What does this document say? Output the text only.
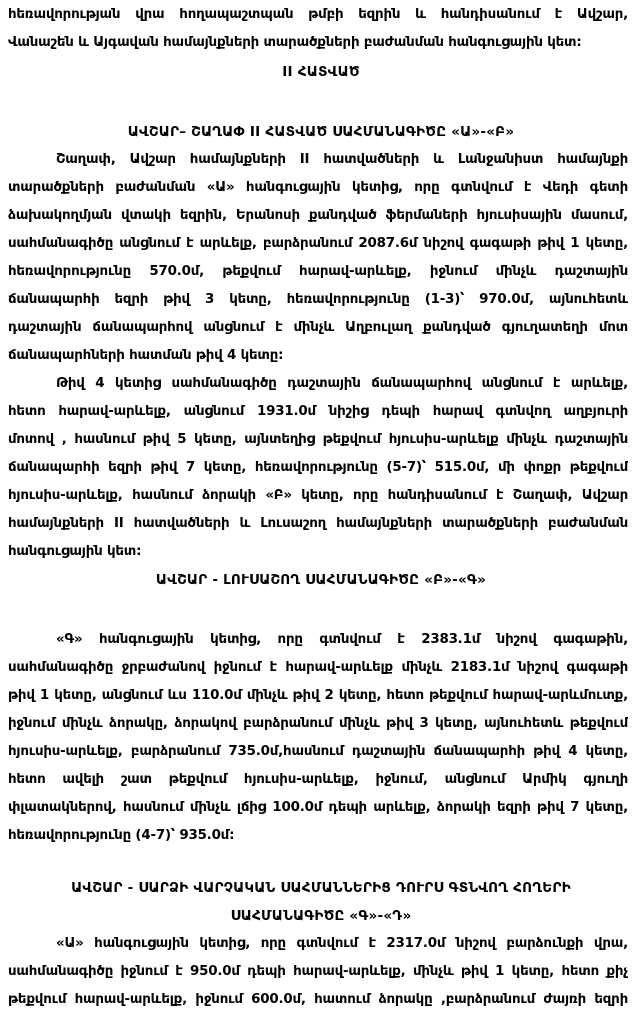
հեռավորության վրա հողապաշտպան թմբի եզրին և հանդիսանում է Ավշար,
Վանաշեն և Այգավան համայնքների տարածքների բաժանման հանգուցային կետ:
II ՀԱՏՎԱԾ
ԱՎՇԱՐ– ՇԱՂԱՓ II ՀԱՏՎԱԾ ՍԱՀՄԱՆԱԳԻԾԸ «Ա»-«Բ»
Շաղափ, Ավշար համայնքների II հատվածների և Լանջանիստ համայնքի
տարածքների բաժանման «Ա» հանգուցային կետից, որը գտնվում է Վեդի գետի
ձախակողմյան վտակի եզրին, Երանոսի քանդված ֆերմաների հյուսիսային մասում,
սահմանագիծը անցնում է արևելք, բարձրանում 2087.6մ նիշով գագաթի թիվ 1 կետը,
հեռավորությունը 570.0մ, թեքվում հարավ-արևելք, իջնում մինչև դաշտային
ճանապարհի եզրի թիվ 3 կետը, հեռավորությունը (1-3)՝ 970.0մ, այնուհետև
դաշտային ճանապարհով անցնում է մինչև Աղբուլաղ քանդված գյուղատեղի մոտ
ճանապարհների հատման թիվ 4 կետը:
Թիվ 4 կետից սահմանագիծը դաշտային ճանապարհով անցնում է արևելք,
հետո հարավ-արևելք, անցնում 1931.0մ նիշից դեպի հարավ գտնվող աղբյուրի
մոտով , հասնում թիվ 5 կետը, այնտեղից թեքվում հյուսիս-արևելք մինչև դաշտային
ճանապարհի եզրի թիվ 7 կետը, հեռավորությունը (5-7)՝ 515.0մ, մի փոքր թեքվում
հյուսիս-արևելք, հասնում ձորակի «Բ» կետը, որը հանդիսանում է Շաղափ, Ավշար
համայնքների II հատվածների և Լուսաշող համայնքների տարածքների բաժանման
հանգուցային կետ:
ԱՎՇԱՐ - ԼՈՒՍԱՇՈՂ ՍԱՀՄԱՆԱԳԻԾԸ «Բ»-«Գ»
«Գ» հանգուցային կետից, որը գտնվում է 2383.1մ նիշով գագաթին,
սահմանագիծը ջրբաժանով իջնում է հարավ-արևելք մինչև 2183.1մ նիշով գագաթի
թիվ 1 կետը, անցնում ևս 110.0մ մինչև թիվ 2 կետը, հետո թեքվում հարավ-արևմուտք,
իջնում մինչև ձորակը, ձորակով բարձրանում մինչև թիվ 3 կետը, այնուհետև թեքվում
հյուսիս-արևելք, բարձրանում 735.0մ,հասնում դաշտային ճանապարհի թիվ 4 կետը,
հետո ավելի շատ թեքվում հյուսիս-արևելք, իջնում, անցնում Արմիկ գյուղի
փլատակներով, հասնում մինչև լճից 100.0մ դեպի արևելք, ձորակի եզրի թիվ 7 կետը,
հեռավորությունը (4-7)՝ 935.0մ:
ԱՎՇԱՐ - ՍԱՐՁԻ ՎԱՐՉԱԿԱՆ ՍԱՀՄԱՆՆԵՐԻՑ ԴՈՒՐՍ ԳՏՆՎՈՂ ՀՈՂԵՐԻ
ՍԱՀՄԱՆԱԳԻԾԸ «Գ»-«Դ»
«Ա» հանգուցային կետից, որը գտնվում է 2317.0մ նիշով բարձունքի վրա,
սահմանագիծը իջնում է 950.0մ դեպի հարավ-արևելք, մինչև թիվ 1 կետը, հետո քիչ
թեքվում հարավ-արևելք, իջնում 600.0մ, հատում ձորակը ,բարձրանում ժայռի եզրի
